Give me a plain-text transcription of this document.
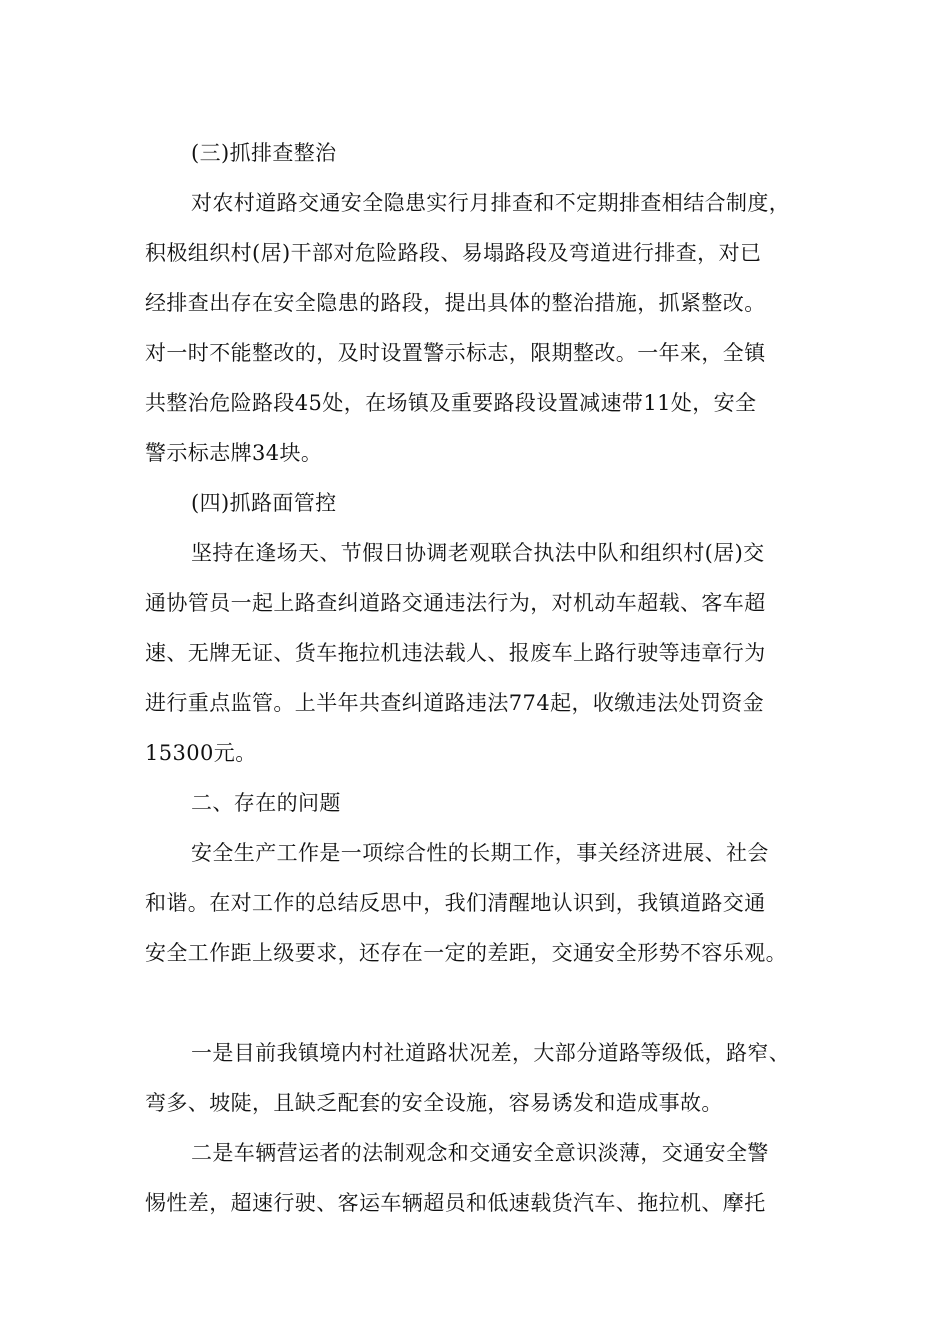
(三)抓排查整治
对农村道路交通安全隐患实行月排查和不定期排查相结合制度，
积极组织村(居)干部对危险路段、易塌路段及弯道进行排查，对已
经排查出存在安全隐患的路段，提出具体的整治措施，抓紧整改。
对一时不能整改的，及时设置警示标志，限期整改。一年来，全镇
共整治危险路段45处，在场镇及重要路段设置减速带11处，安全
警示标志牌34块。
(四)抓路面管控
坚持在逢场天、节假日协调老观联合执法中队和组织村(居)交
通协管员一起上路查纠道路交通违法行为，对机动车超载、客车超
速、无牌无证、货车拖拉机违法载人、报废车上路行驶等违章行为
进行重点监管。上半年共查纠道路违法774起，收缴违法处罚资金
15300元。
二、存在的问题
安全生产工作是一项综合性的长期工作，事关经济进展、社会
和谐。在对工作的总结反思中，我们清醒地认识到，我镇道路交通
安全工作距上级要求，还存在一定的差距，交通安全形势不容乐观。
一是目前我镇境内村社道路状况差，大部分道路等级低，路窄、
弯多、坡陡，且缺乏配套的安全设施，容易诱发和造成事故。
二是车辆营运者的法制观念和交通安全意识淡薄，交通安全警
惕性差，超速行驶、客运车辆超员和低速载货汽车、拖拉机、摩托
